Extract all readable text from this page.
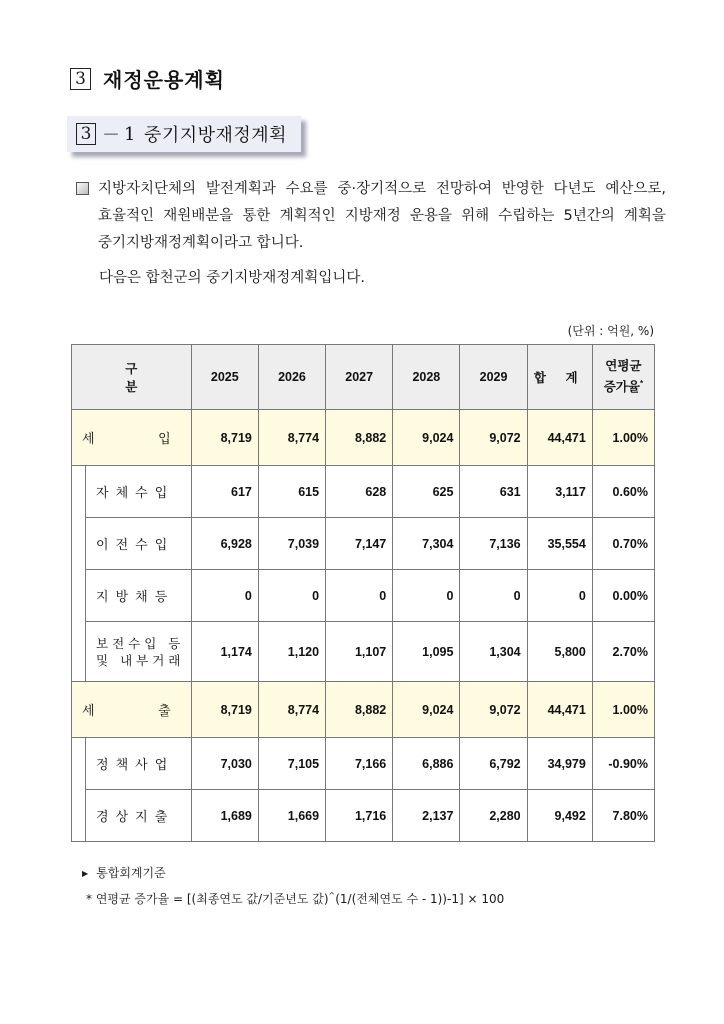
3 재정운용계획
3 － 1 중기지방재정계획
지방자치단체의 발전계획과 수요를 중·장기적으로 전망하여 반영한 다년도 예산으로,
효율적인 재원배분을 통한 계획적인 지방재정 운용을 위해 수립하는 5년간의 계획을
중기지방재정계획이라고 합니다.
다음은 합천군의 중기지방재정계획입니다.
(단위 : 억원, %)
구 분		2025	2026	2027	2028	2029	합 계	연평균
증가율*

세 입		8,719	8,774	8,882	9,024	9,072	44,471	1.00%
	자체수입	617	615	628	625	631	3,117	0.60%
	이전수입	6,928	7,039	7,147	7,304	7,136	35,554	0.70%
	지방채등	0	0	0	0	0	0	0.00%
	보전수입 등
및 내부거래	1,174	1,120	1,107	1,095	1,304	5,800	2.70%

세 출		8,719	8,774	8,882	9,024	9,072	44,471	1.00%
	정책사업	7,030	7,105	7,166	6,886	6,792	34,979	-0.90%
	경상지출	1,689	1,669	1,716	2,137	2,280	9,492	7.80%
▶ 통합회계기준
* 연평균 증가율 = [(최종연도 값/기준년도 값)^(1/(전체연도 수 - 1))-1] × 100
